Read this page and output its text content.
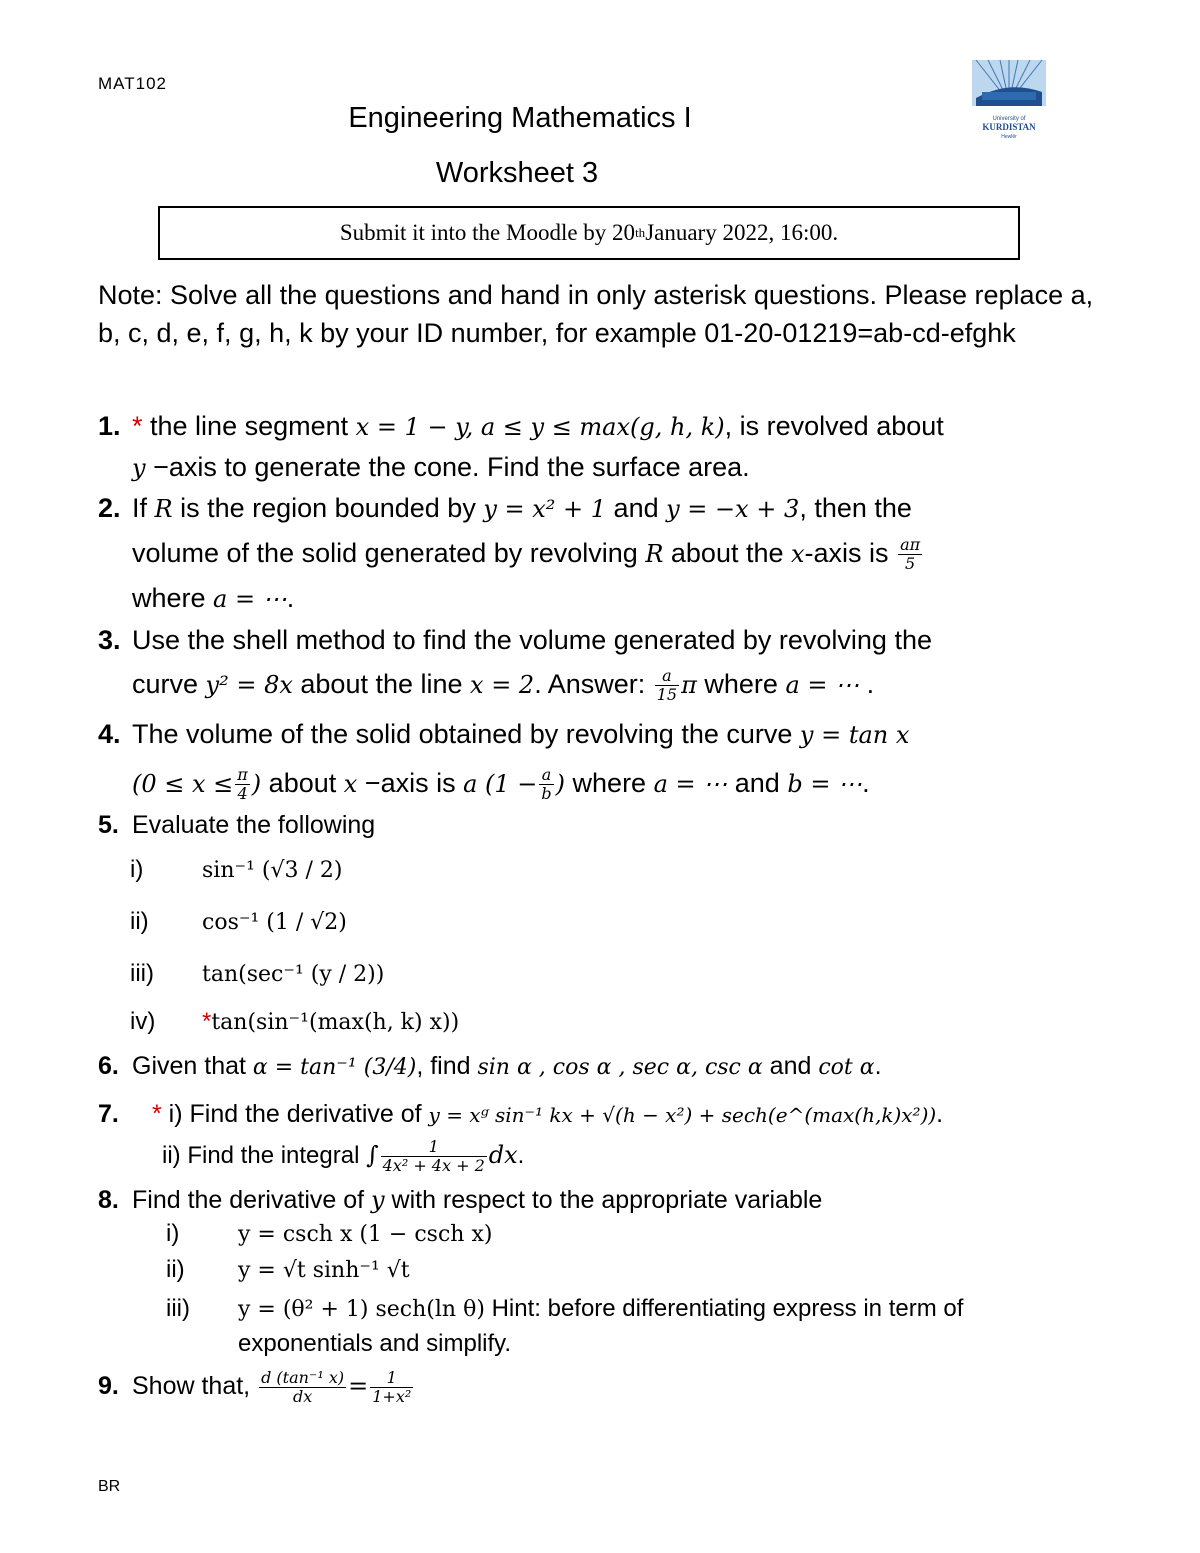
MAT102
Engineering Mathematics I
Worksheet 3
University of
KURDISTAN
Hewlêr
Submit it into the Moodle by 20 th January 2022, 16:00.
Note: Solve all the questions and hand in only asterisk questions. Please replace a, b, c, d, e, f, g, h, k by your ID number, for example 01-20-01219=ab-cd-efghk
1. * the line segment x = 1 − y, a ≤ y ≤ max(g, h, k), is revolved about
y −axis to generate the cone. Find the surface area.
2. If R is the region bounded by y = x² + 1 and y = −x + 3, then the
volume of the solid generated by revolving R about the x-axis is $\frac{a\pi}{5}$

where a = ⋯.
3. Use the shell method to find the volume generated by revolving the
curve y² = 8x about the line x = 2. Answer: $\frac{a}{15}$ π where a = ⋯ .
4. The volume of the solid obtained by revolving the curve y = tan x
($0 \le x \le \frac{\pi}{4}$ ) about x −axis is a ($1 - \frac{a}{b}$ ) where a = ⋯ and b = ⋯.
5. Evaluate the following
i)	sin⁻¹ (√3 / 2)
ii) cos⁻¹ (1 / √2)
iii) tan(sec⁻¹ (y / 2))
iv) *tan(sin⁻¹(max(h, k) x))
6. Given that α = tan⁻¹ (3/4), find sin α , cos α , sec α, csc α and cot α.
7. * i) Find the derivative of y = xᵍ sin⁻¹ kx + √(h − x²) + sech(e^(max(h,k)x²)).
ii) Find the integral ∫ $\frac{1}{\text{4x² + 4x + 2}}$ dx.
8. Find the derivative of y with respect to the appropriate variable
i)	y = csch x (1 − csch x)
ii) y = √t sinh⁻¹ √t
iii) y = (θ² + 1) sech(ln θ) Hint: before differentiating express in term of
exponentials and simplify.
9. Show that, $\frac{\text{d (tan⁻¹ x)}}{dx} = \frac{1}{\text{1+x²}}$
BR
